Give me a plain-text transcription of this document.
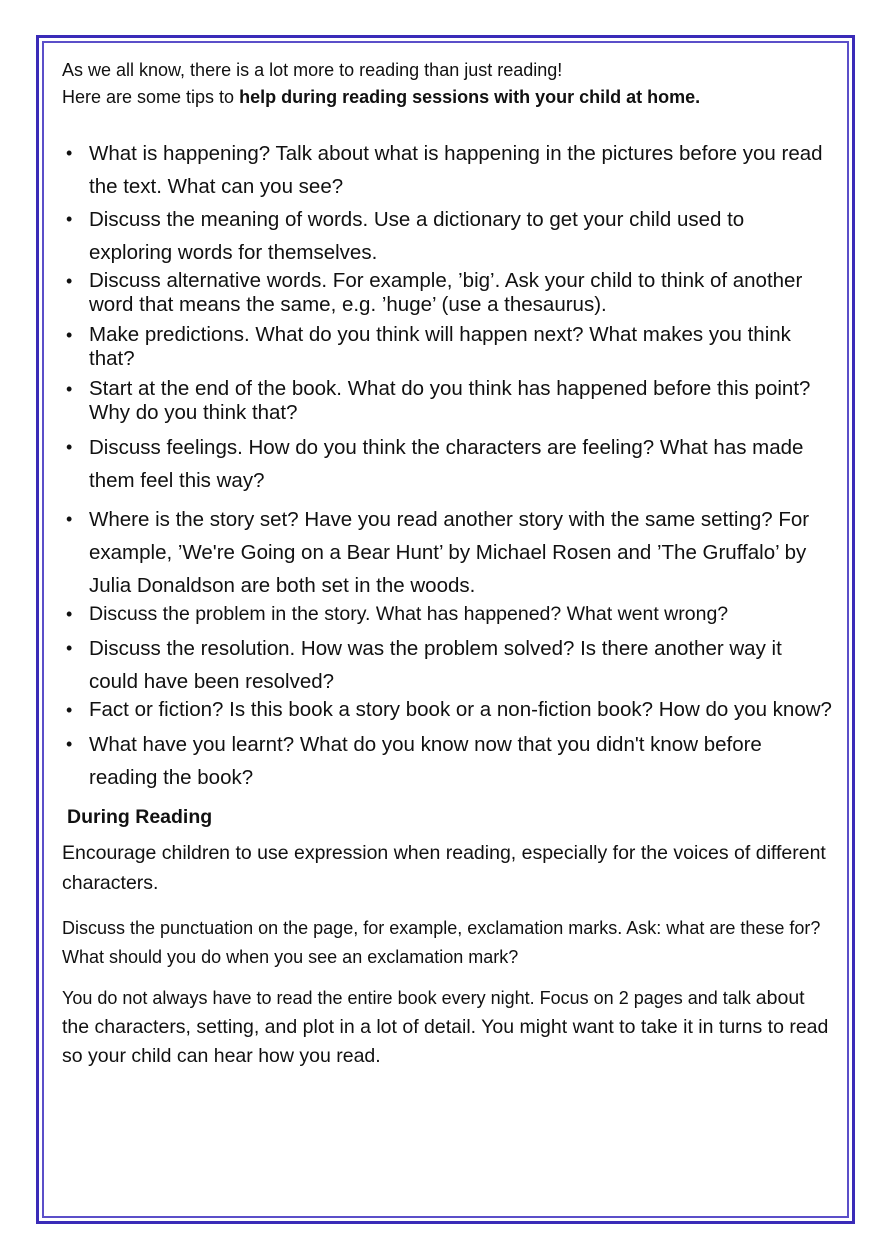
As we all know, there is a lot more to reading than just reading!
Here are some tips to help during reading sessions with your child at home.

• What is happening? Talk about what is happening in the pictures before you read the text. What can you see?
• Discuss the meaning of words. Use a dictionary to get your child used to exploring words for themselves.
• Discuss alternative words. For example, ’big’. Ask your child to think of another word that means the same, e.g. ’huge’ (use a thesaurus).
• Make predictions. What do you think will happen next? What makes you think that?
• Start at the end of the book. What do you think has happened before this point? Why do you think that?
• Discuss feelings. How do you think the characters are feeling? What has made them feel this way?
• Where is the story set? Have you read another story with the same setting? For example, ’We're Going on a Bear Hunt’ by Michael Rosen and ’The Gruffalo’ by Julia Donaldson are both set in the woods.
• Discuss the problem in the story. What has happened? What went wrong?
• Discuss the resolution. How was the problem solved? Is there another way it could have been resolved?
• Fact or fiction? Is this book a story book or a non-fiction book? How do you know?
• What have you learnt? What do you know now that you didn't know before reading the book?
During Reading

Encourage children to use expression when reading, especially for the voices of different characters.

Discuss the punctuation on the page, for example, exclamation marks. Ask: what are these for? What should you do when you see an exclamation mark?

You do not always have to read the entire book every night. Focus on 2 pages and talk about the characters, setting, and plot in a lot of detail. You might want to take it in turns to read so your child can hear how you read.
